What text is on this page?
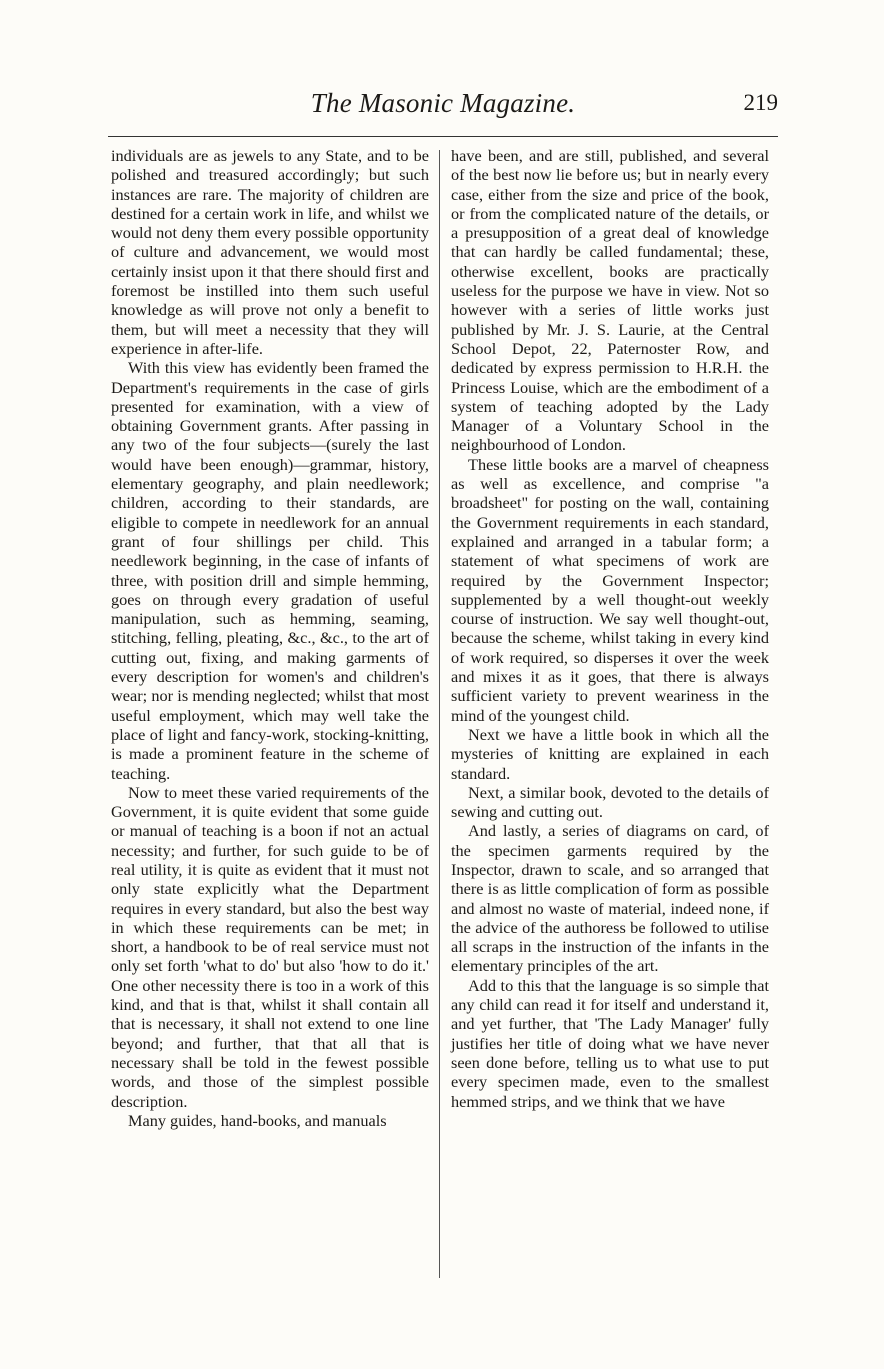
The Masonic Magazine.	219

individuals are as jewels to any State, and to be polished and treasured accordingly; but such instances are rare. The majority of children are destined for a certain work in life, and whilst we would not deny them every possible opportunity of culture and advancement, we would most certainly insist upon it that there should first and foremost be instilled into them such useful knowledge as will prove not only a benefit to them, but will meet a necessity that they will experience in after-life.

With this view has evidently been framed the Department's requirements in the case of girls presented for examination, with a view of obtaining Government grants. After passing in any two of the four subjects—(surely the last would have been enough)—grammar, history, elementary geography, and plain needlework; children, according to their standards, are eligible to compete in needlework for an annual grant of four shillings per child. This needlework beginning, in the case of infants of three, with position drill and simple hemming, goes on through every gradation of useful manipulation, such as hemming, seaming, stitching, felling, pleating, &c., &c., to the art of cutting out, fixing, and making garments of every description for women's and children's wear; nor is mending neglected; whilst that most useful employment, which may well take the place of light and fancy-work, stocking-knitting, is made a prominent feature in the scheme of teaching.

Now to meet these varied requirements of the Government, it is quite evident that some guide or manual of teaching is a boon if not an actual necessity; and further, for such guide to be of real utility, it is quite as evident that it must not only state explicitly what the Department requires in every standard, but also the best way in which these requirements can be met; in short, a handbook to be of real service must not only set forth 'what to do' but also 'how to do it.' One other necessity there is too in a work of this kind, and that is that, whilst it shall contain all that is necessary, it shall not extend to one line beyond; and further, that that all that is necessary shall be told in the fewest possible words, and those of the simplest possible description.

Many guides, hand-books, and manuals

have been, and are still, published, and several of the best now lie before us; but in nearly every case, either from the size and price of the book, or from the complicated nature of the details, or a presupposition of a great deal of knowledge that can hardly be called fundamental; these, otherwise excellent, books are practically useless for the purpose we have in view. Not so however with a series of little works just published by Mr. J. S. Laurie, at the Central School Depot, 22, Paternoster Row, and dedicated by express permission to H.R.H. the Princess Louise, which are the embodiment of a system of teaching adopted by the Lady Manager of a Voluntary School in the neighbourhood of London.

These little books are a marvel of cheapness as well as excellence, and comprise "a broadsheet" for posting on the wall, containing the Government requirements in each standard, explained and arranged in a tabular form; a statement of what specimens of work are required by the Government Inspector; supplemented by a well thought-out weekly course of instruction. We say well thought-out, because the scheme, whilst taking in every kind of work required, so disperses it over the week and mixes it as it goes, that there is always sufficient variety to prevent weariness in the mind of the youngest child.

Next we have a little book in which all the mysteries of knitting are explained in each standard.

Next, a similar book, devoted to the details of sewing and cutting out.

And lastly, a series of diagrams on card, of the specimen garments required by the Inspector, drawn to scale, and so arranged that there is as little complication of form as possible and almost no waste of material, indeed none, if the advice of the authoress be followed to utilise all scraps in the instruction of the infants in the elementary principles of the art.

Add to this that the language is so simple that any child can read it for itself and understand it, and yet further, that 'The Lady Manager' fully justifies her title of doing what we have never seen done before, telling us to what use to put every specimen made, even to the smallest hemmed strips, and we think that we have
